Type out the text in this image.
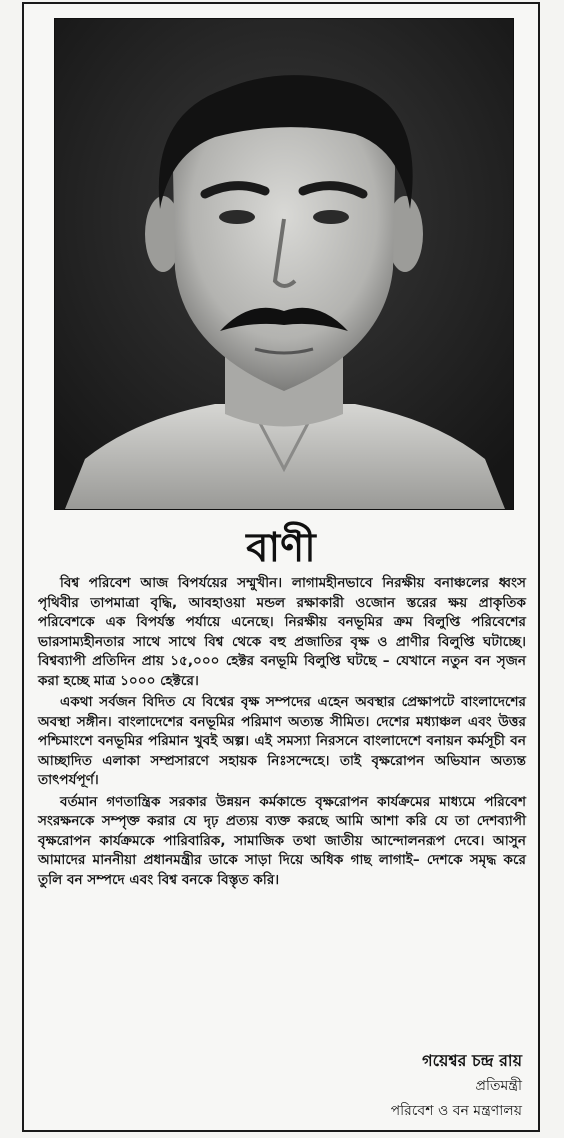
বাণী

বিশ্ব পরিবেশ আজ বিপর্যয়ের সম্মুখীন। লাগামহীনভাবে নিরক্ষীয় বনাঞ্চলের ধ্বংস পৃথিবীর তাপমাত্রা বৃদ্ধি, আবহাওয়া মন্ডল রক্ষাকারী ওজোন স্তরের ক্ষয় প্রাকৃতিক পরিবেশকে এক বিপর্যস্ত পর্যায়ে এনেছে। নিরক্ষীয় বনভূমির ক্রম বিলুপ্তি পরিবেশের ভারসাম্যহীনতার সাথে সাথে বিশ্ব থেকে বহু প্রজাতির বৃক্ষ ও প্রাণীর বিলুপ্তি ঘটাচ্ছে। বিশ্বব্যাপী প্রতিদিন প্রায় ১৫,০০০ হেক্টর বনভূমি বিলুপ্তি ঘটছে – যেখানে নতুন বন সৃজন করা হচ্ছে মাত্র ১০০০ হেক্টরে।

একথা সর্বজন বিদিত যে বিশ্বের বৃক্ষ সম্পদের এহেন অবস্থার প্রেক্ষাপটে বাংলাদেশের অবস্থা সঙ্গীন। বাংলাদেশের বনভূমির পরিমাণ অত্যন্ত সীমিত। দেশের মধ্যাঞ্চল এবং উত্তর পশ্চিমাংশে বনভূমির পরিমান খুবই অল্প। এই সমস্যা নিরসনে বাংলাদেশে বনায়ন কর্মসূচী বন আচ্ছাদিত এলাকা সম্প্রসারণে সহায়ক নিঃসন্দেহে। তাই বৃক্ষরোপন অভিযান অত্যন্ত তাৎপর্যপূর্ণ।

বর্তমান গণতান্ত্রিক সরকার উন্নয়ন কর্মকান্ডে বৃক্ষরোপন কার্যক্রমের মাধ্যমে পরিবেশ সংরক্ষনকে সম্পৃক্ত করার যে দৃঢ় প্রত্যয় ব্যক্ত করছে আমি আশা করি যে তা দেশব্যাপী বৃক্ষরোপন কার্যক্রমকে পারিবারিক, সামাজিক তথা জাতীয় আন্দোলনরূপ দেবে। আসুন আমাদের মাননীয়া প্রধানমন্ত্রীর ডাকে সাড়া দিয়ে অধিক গাছ লাগাই– দেশকে সমৃদ্ধ করে তুলি বন সম্পদে এবং বিশ্ব বনকে বিস্তৃত করি।

গয়েশ্বর চন্দ্র রায়
প্রতিমন্ত্রী
পরিবেশ ও বন মন্ত্রণালয়
